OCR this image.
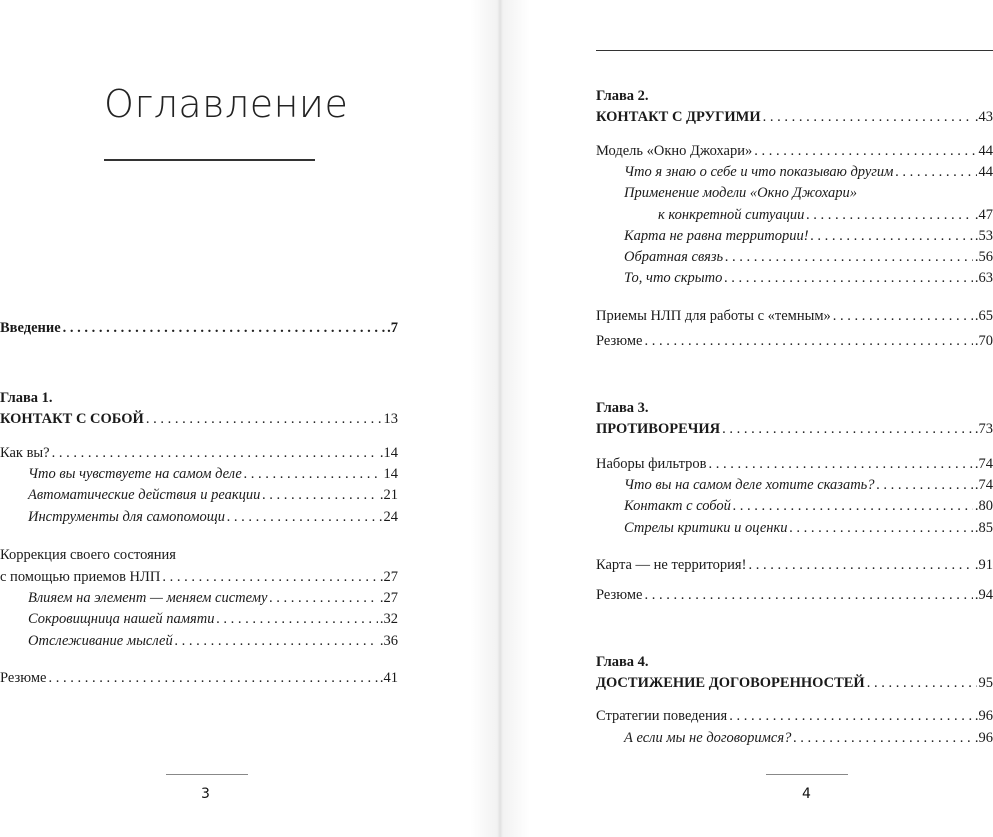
Оглавление
Введение . . .	.7
Глава 1.
КОНТАКТ С СОБОЙ . . .	13
Как вы? . . .	.14
Что вы чувствуете на самом деле . . .	14
Автоматические действия и реакции . . .	.21
Инструменты для самопомощи . . .	24
Коррекция своего состояния
с помощью приемов НЛП . . .	.27
Влияем на элемент — меняем систему . . .	.27
Сокровищница нашей памяти . . .	.32
Отслеживание мыслей . . .	.36
Резюме . . .	.41
3
Глава 2.
КОНТАКТ С ДРУГИМИ . . .	.43
Модель «Окно Джохари» . . .	44
Что я знаю о себе и что показываю другим . . .	44
Применение модели «Окно Джохари»
к конкретной ситуации . . .	.47
Карта не равна территории! . . .	.53
Обратная связь . . .	.56
То, что скрыто . . .	.63
Приемы НЛП для работы с «темным» . . .	.65
Резюме . . .	.70
Глава 3.
ПРОТИВОРЕЧИЯ . . .	.73
Наборы фильтров . . .	.74
Что вы на самом деле хотите сказать? . . .	.74
Контакт с собой . . .	.80
Стрелы критики и оценки . . .	.85
Карта — не территория! . . .	.91
Резюме . . .	.94
Глава 4.
ДОСТИЖЕНИЕ ДОГОВОРЕННОСТЕЙ . . .	95
Стратегии поведения . . .	.96
А если мы не договоримся? . . .	.96
4
